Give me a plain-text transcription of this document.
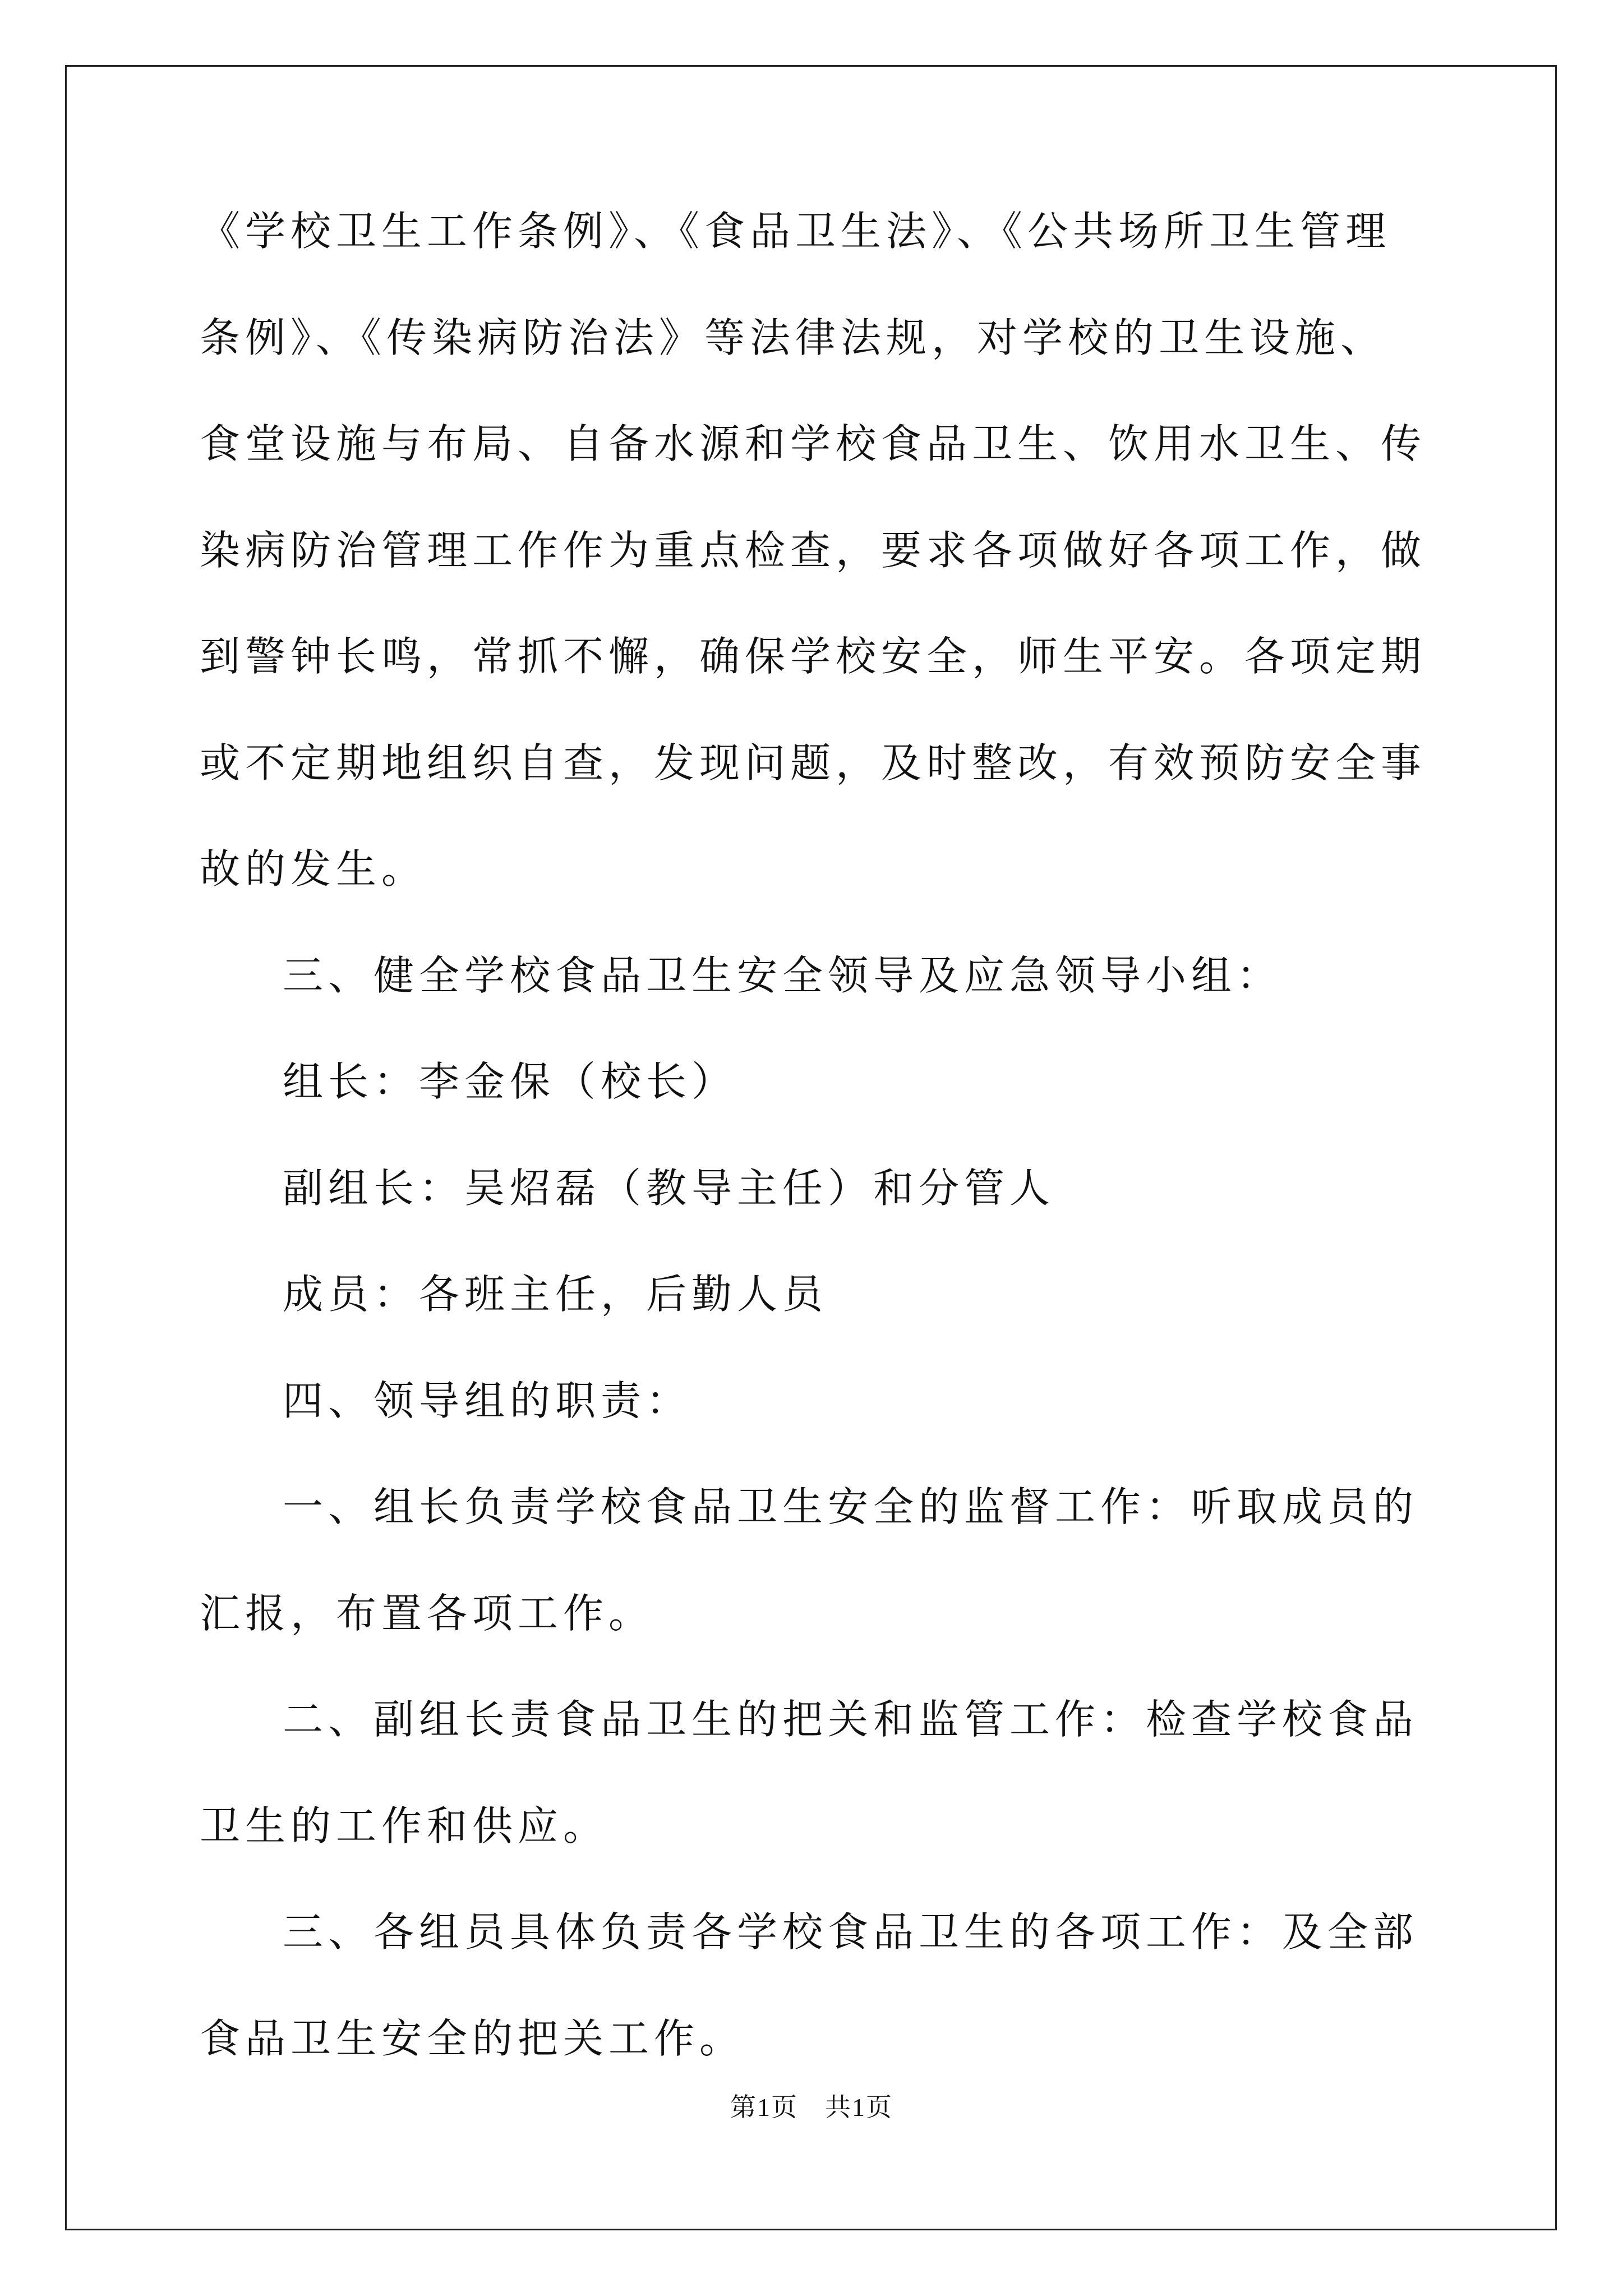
《学校卫生工作条例》、《食品卫生法》、《公共场所卫生管理条例》、《传染病防治法》等法律法规，对学校的卫生设施、食堂设施与布局、自备水源和学校食品卫生、饮用水卫生、传染病防治管理工作作为重点检查，要求各项做好各项工作，做到警钟长鸣，常抓不懈，确保学校安全，师生平安。各项定期或不定期地组织自查，发现问题，及时整改，有效预防安全事故的发生。

三、健全学校食品卫生安全领导及应急领导小组：

组长：李金保（校长）

副组长：吴炤磊（教导主任）和分管人

成员：各班主任，后勤人员

四、领导组的职责：

一、组长负责学校食品卫生安全的监督工作：听取成员的汇报，布置各项工作。

二、副组长责食品卫生的把关和监管工作：检查学校食品卫生的工作和供应。

三、各组员具体负责各学校食品卫生的各项工作：及全部食品卫生安全的把关工作。

第1页　共1页
